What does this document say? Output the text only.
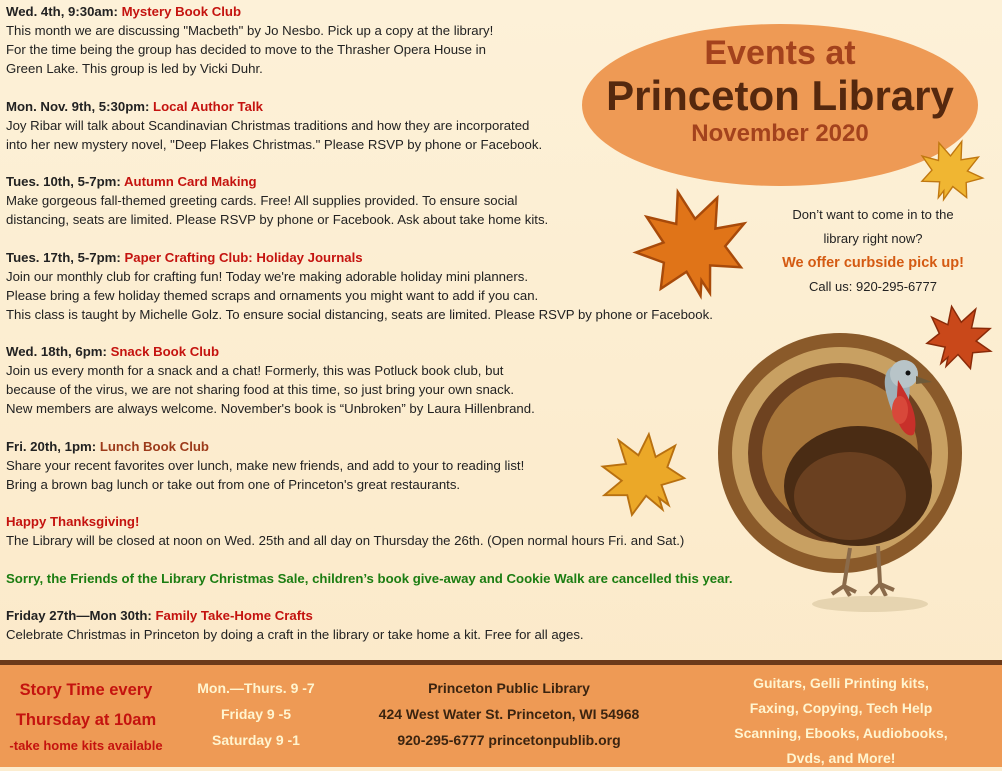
Wed. 4th, 9:30am: Mystery Book Club
This month we are discussing "Macbeth" by Jo Nesbo. Pick up a copy at the library!
For the time being the group has decided to move to the Thrasher Opera House in
Green Lake. This group is led by Vicki Duhr.
Mon. Nov. 9th, 5:30pm: Local Author Talk
Joy Ribar will talk about Scandinavian Christmas traditions and how they are incorporated
into her new mystery novel, "Deep Flakes Christmas." Please RSVP by phone or Facebook.
Tues. 10th, 5-7pm: Autumn Card Making
Make gorgeous fall-themed greeting cards. Free! All supplies provided. To ensure social
distancing, seats are limited. Please RSVP by phone or Facebook. Ask about take home kits.
Tues. 17th, 5-7pm: Paper Crafting Club: Holiday Journals
Join our monthly club for crafting fun! Today we're making adorable holiday mini planners.
Please bring a few holiday themed scraps and ornaments you might want to add if you can.
This class is taught by Michelle Golz. To ensure social distancing, seats are limited. Please RSVP by phone or Facebook.
Wed. 18th, 6pm: Snack Book Club
Join us every month for a snack and a chat! Formerly, this was Potluck book club, but
because of the virus, we are not sharing food at this time, so just bring your own snack.
New members are always welcome. November's book is “Unbroken” by Laura Hillenbrand.
Fri. 20th, 1pm: Lunch Book Club
Share your recent favorites over lunch, make new friends, and add to your to reading list!
Bring a brown bag lunch or take out from one of Princeton's great restaurants.
Happy Thanksgiving!
The Library will be closed at noon on Wed. 25th and all day on Thursday the 26th. (Open normal hours Fri. and Sat.)
Sorry, the Friends of the Library Christmas Sale, children’s book give-away and Cookie Walk are cancelled this year.
Friday 27th—Mon 30th: Family Take-Home Crafts
Celebrate Christmas in Princeton by doing a craft in the library or take home a kit. Free for all ages.
Events at
Princeton Library
November 2020
Don’t want to come in to the
library right now?
We offer curbside pick up!
Call us: 920-295-6777
Story Time every
Thursday at 10am
-take home kits available
Mon.—Thurs. 9 -7
Friday 9 -5
Saturday 9 -1
Princeton Public Library
424 West Water St. Princeton, WI 54968
920-295-6777 princetonpublib.org
Guitars, Gelli Printing kits,
Faxing, Copying, Tech Help
Scanning, Ebooks, Audiobooks,
Dvds, and More!
